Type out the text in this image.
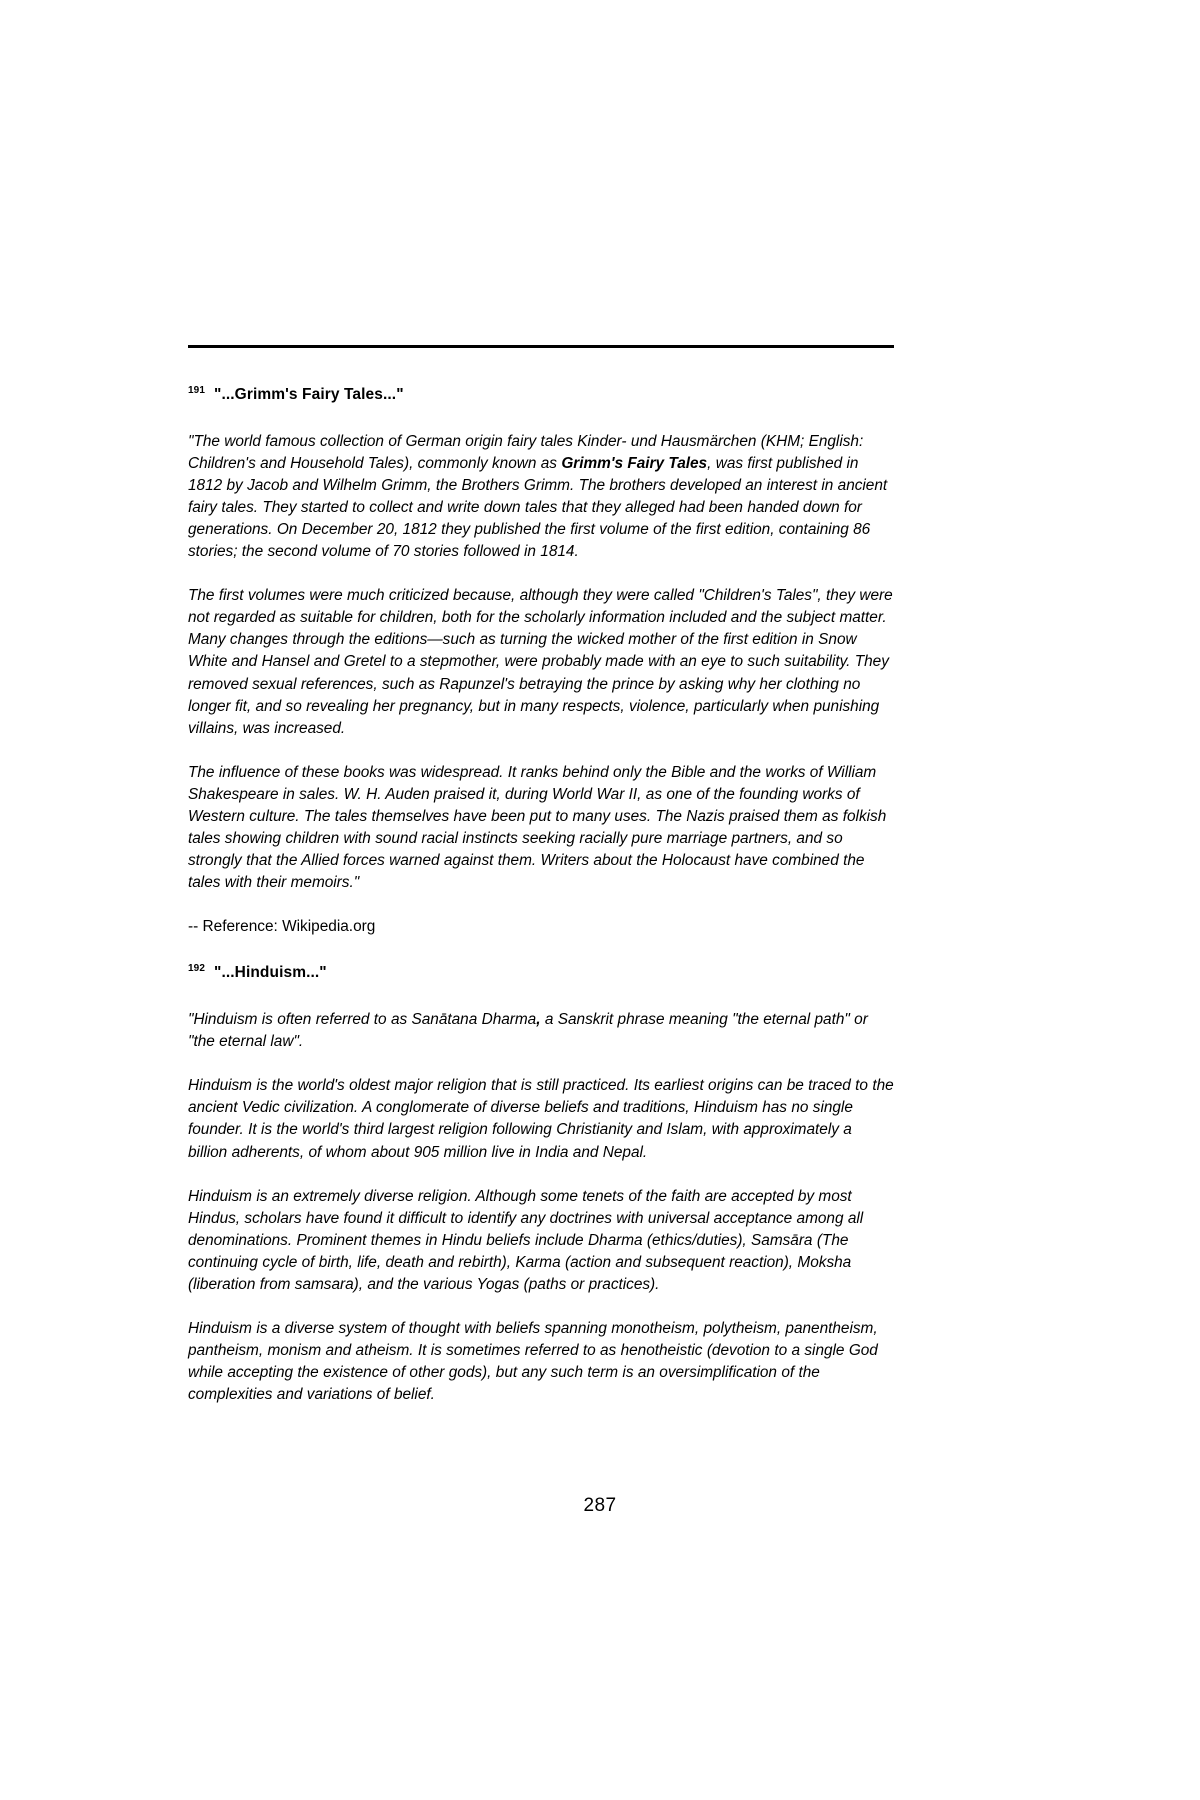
$^{191}$ "...Grimm's Fairy Tales..."

"The world famous collection of German origin fairy tales Kinder- und Hausmärchen (KHM; English: Children's and Household Tales), commonly known as Grimm's Fairy Tales, was first published in 1812 by Jacob and Wilhelm Grimm, the Brothers Grimm. The brothers developed an interest in ancient fairy tales. They started to collect and write down tales that they alleged had been handed down for generations. On December 20, 1812 they published the first volume of the first edition, containing 86 stories; the second volume of 70 stories followed in 1814.

The first volumes were much criticized because, although they were called "Children's Tales", they were not regarded as suitable for children, both for the scholarly information included and the subject matter. Many changes through the editions—such as turning the wicked mother of the first edition in Snow White and Hansel and Gretel to a stepmother, were probably made with an eye to such suitability. They removed sexual references, such as Rapunzel's betraying the prince by asking why her clothing no longer fit, and so revealing her pregnancy, but in many respects, violence, particularly when punishing villains, was increased.

The influence of these books was widespread. It ranks behind only the Bible and the works of William Shakespeare in sales. W. H. Auden praised it, during World War II, as one of the founding works of Western culture. The tales themselves have been put to many uses. The Nazis praised them as folkish tales showing children with sound racial instincts seeking racially pure marriage partners, and so strongly that the Allied forces warned against them. Writers about the Holocaust have combined the tales with their memoirs."

-- Reference: Wikipedia.org

$^{192}$ "...Hinduism..."

"Hinduism is often referred to as Sanātana Dharma, a Sanskrit phrase meaning "the eternal path" or "the eternal law".

Hinduism is the world's oldest major religion that is still practiced. Its earliest origins can be traced to the ancient Vedic civilization. A conglomerate of diverse beliefs and traditions, Hinduism has no single founder. It is the world's third largest religion following Christianity and Islam, with approximately a billion adherents, of whom about 905 million live in India and Nepal.

Hinduism is an extremely diverse religion. Although some tenets of the faith are accepted by most Hindus, scholars have found it difficult to identify any doctrines with universal acceptance among all denominations. Prominent themes in Hindu beliefs include Dharma (ethics/duties), Samsāra (The continuing cycle of birth, life, death and rebirth), Karma (action and subsequent reaction), Moksha (liberation from samsara), and the various Yogas (paths or practices).

Hinduism is a diverse system of thought with beliefs spanning monotheism, polytheism, panentheism, pantheism, monism and atheism. It is sometimes referred to as henotheistic (devotion to a single God while accepting the existence of other gods), but any such term is an oversimplification of the complexities and variations of belief.

287
